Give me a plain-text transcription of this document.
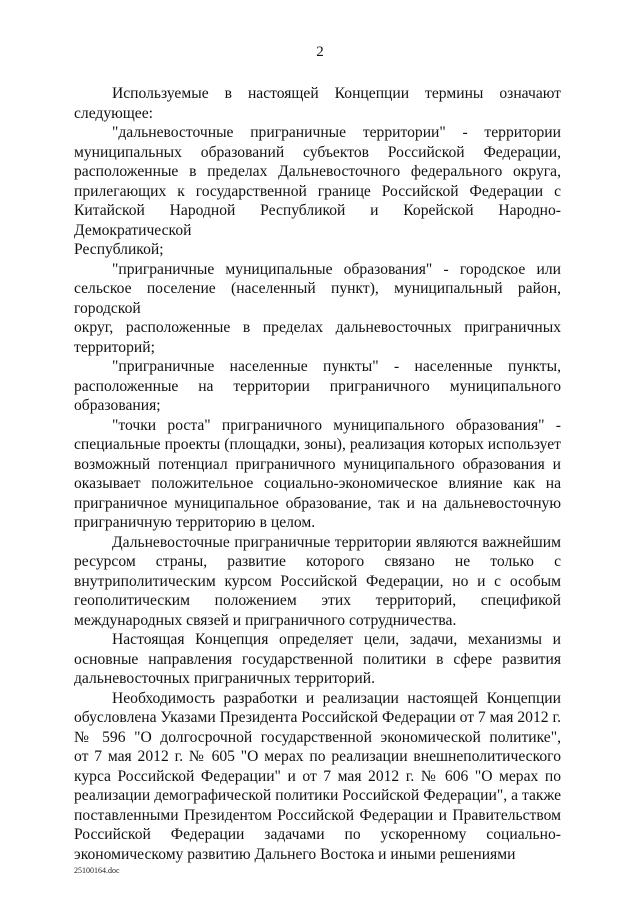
2
Используемые в настоящей Концепции термины означают
следующее:
"дальневосточные приграничные территории" - территории
муниципальных образований субъектов Российской Федерации,
расположенные в пределах Дальневосточного федерального округа,
прилегающих к государственной границе Российской Федерации с
Китайской Народной Республикой и Корейской Народно-Демократической
Республикой;
"приграничные муниципальные образования" - городское или
сельское поселение (населенный пункт), муниципальный район, городской
округ, расположенные в пределах дальневосточных приграничных
территорий;
"приграничные населенные пункты" - населенные пункты,
расположенные на территории приграничного муниципального
образования;
"точки роста" приграничного муниципального образования" -
специальные проекты (площадки, зоны), реализация которых использует
возможный потенциал приграничного муниципального образования и
оказывает положительное социально-экономическое влияние как на
приграничное муниципальное образование, так и на дальневосточную
приграничную территорию в целом.
Дальневосточные приграничные территории являются важнейшим
ресурсом страны, развитие которого связано не только с
внутриполитическим курсом Российской Федерации, но и с особым
геополитическим положением этих территорий, спецификой
международных связей и приграничного сотрудничества.
Настоящая Концепция определяет цели, задачи, механизмы и
основные направления государственной политики в сфере развития
дальневосточных приграничных территорий.
Необходимость разработки и реализации настоящей Концепции
обусловлена Указами Президента Российской Федерации от 7 мая 2012 г.
№ 596 "О долгосрочной государственной экономической политике",
от 7 мая 2012 г. № 605 "О мерах по реализации внешнеполитического
курса Российской Федерации" и от 7 мая 2012 г. № 606 "О мерах по
реализации демографической политики Российской Федерации", а также
поставленными Президентом Российской Федерации и Правительством
Российской Федерации задачами по ускоренному социально-
экономическому развитию Дальнего Востока и иными решениями
25100164.doc
